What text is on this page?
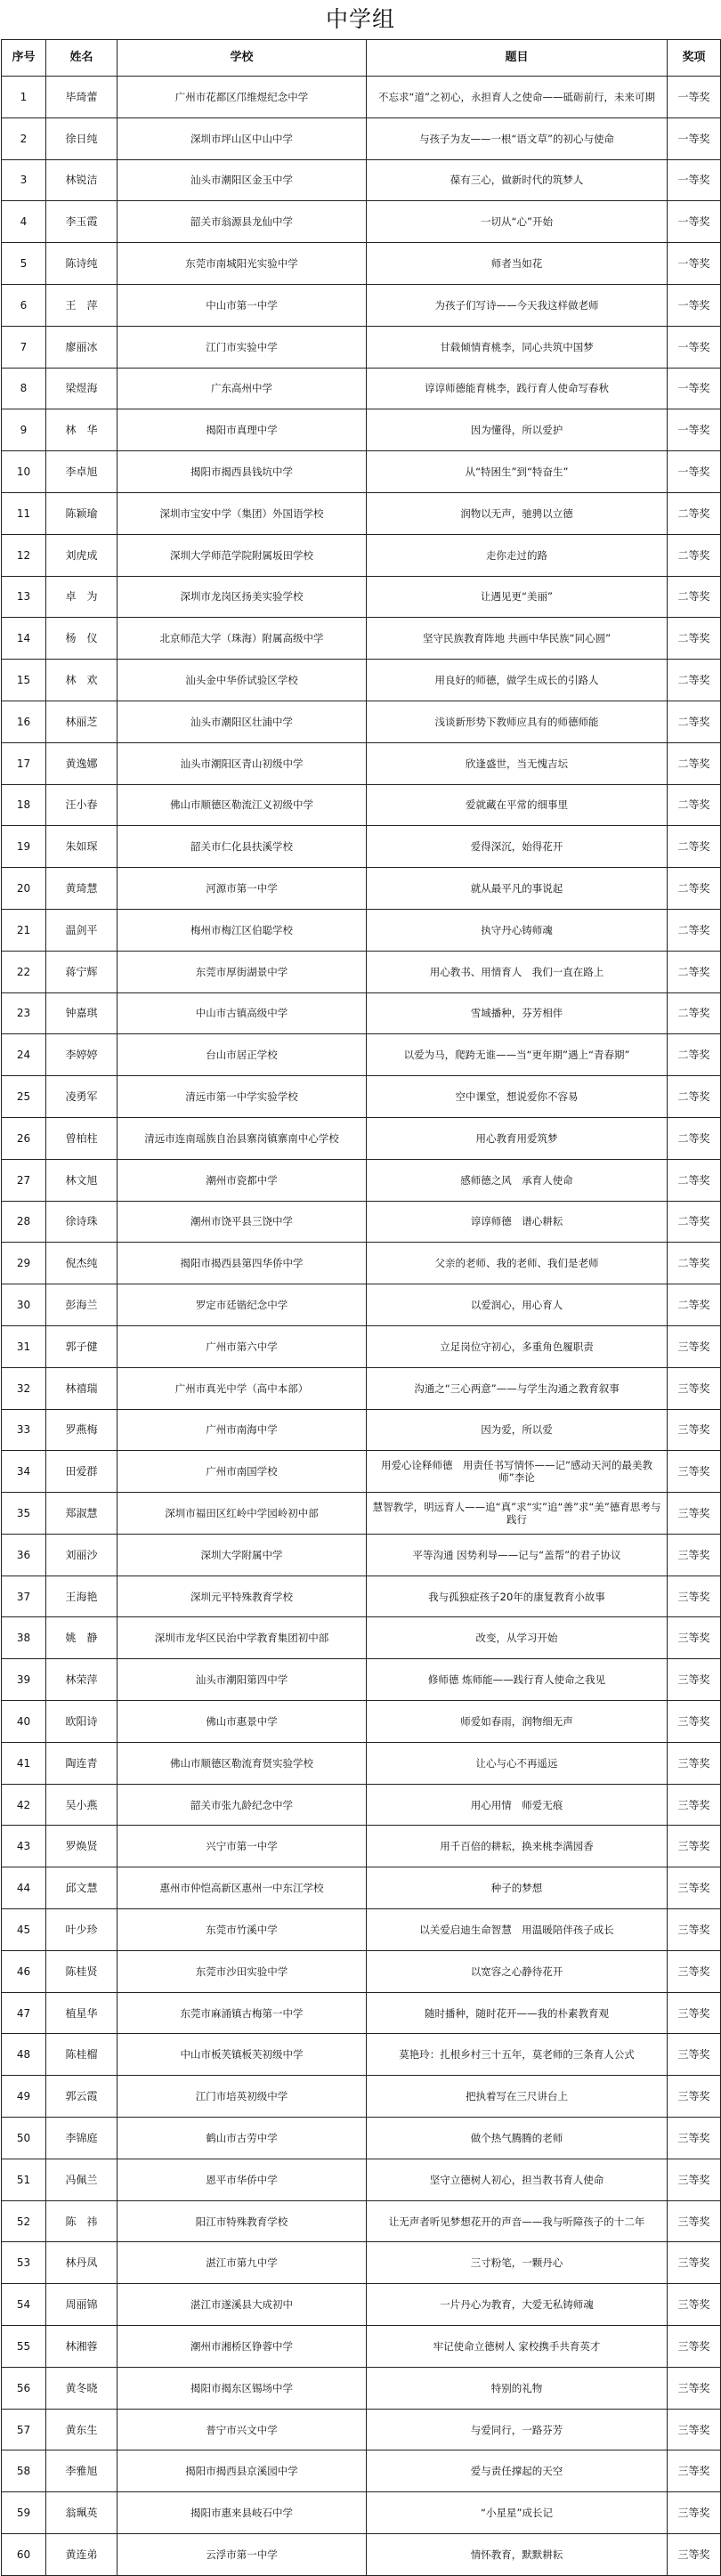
中学组
序号	姓名	学校	题目	奖项
1	毕琦蕾	广州市花都区邝维煜纪念中学	不忘求“道”之初心，永担育人之使命——砥砺前行，未来可期	一等奖
2	徐日纯	深圳市坪山区中山中学	与孩子为友——一根“语文草”的初心与使命	一等奖
3	林锐洁	汕头市潮阳区金玉中学	葆有三心，做新时代的筑梦人	一等奖
4	李玉霞	韶关市翁源县龙仙中学	一切从“心”开始	一等奖
5	陈诗纯	东莞市南城阳光实验中学	师者当如花	一等奖
6	王　萍	中山市第一中学	为孩子们写诗——今天我这样做老师	一等奖
7	廖丽冰	江门市实验中学	甘载倾情育桃李，同心共筑中国梦	一等奖
8	梁煜海	广东高州中学	谆谆师德能育桃李，践行育人使命写春秋	一等奖
9	林　华	揭阳市真理中学	因为懂得，所以爱护	一等奖
10	李卓旭	揭阳市揭西县钱坑中学	从“特困生”到“特奋生”	一等奖
11	陈颖瑜	深圳市宝安中学（集团）外国语学校	润物以无声，驰骋以立德	二等奖
12	刘虎成	深圳大学师范学院附属坂田学校	走你走过的路	二等奖
13	卓　为	深圳市龙岗区扬美实验学校	让遇见更“美丽”	二等奖
14	杨　仪	北京师范大学（珠海）附属高级中学	坚守民族教育阵地 共画中华民族“同心圆”	二等奖
15	林　欢	汕头金中华侨试验区学校	用良好的师德，做学生成长的引路人	二等奖
16	林丽芝	汕头市潮阳区壮浦中学	浅谈新形势下教师应具有的师德师能	二等奖
17	黄逸娜	汕头市潮阳区青山初级中学	欣逢盛世，当无愧吉坛	二等奖
18	汪小春	佛山市顺德区勒流江义初级中学	爱就藏在平常的细事里	二等奖
19	朱如琛	韶关市仁化县扶溪学校	爱得深沉，始得花开	二等奖
20	黄琦慧	河源市第一中学	就从最平凡的事说起	二等奖
21	温剑平	梅州市梅江区伯聪学校	执守丹心铸师魂	二等奖
22	蒋宁辉	东莞市厚街湖景中学	用心教书、用情育人　我们一直在路上	二等奖
23	钟嘉琪	中山市古镇高级中学	雪域播种，芬芳相伴	二等奖
24	李婷婷	台山市居正学校	以爱为马，爬跨无谁——当“更年期”遇上“青春期”	二等奖
25	凌勇军	清远市第一中学实验学校	空中课堂，想说爱你不容易	二等奖
26	曾柏柱	清远市连南瑶族自治县寨岗镇寨南中心学校	用心教育用爱筑梦	二等奖
27	林文旭	潮州市瓷都中学	感师德之风　承育人使命	二等奖
28	徐诗珠	潮州市饶平县三饶中学	谆谆师德　谱心耕耘	二等奖
29	倪杰纯	揭阳市揭西县第四华侨中学	父亲的老师、我的老师、我们是老师	二等奖
30	彭海兰	罗定市廷锴纪念中学	以爱润心，用心育人	二等奖
31	郭子健	广州市第六中学	立足岗位守初心，多重角色履职责	三等奖
32	林禧瑞	广州市真光中学（高中本部）	沟通之“三心两意”——与学生沟通之教育叙事	三等奖
33	罗燕梅	广州市南海中学	因为爱，所以爱	三等奖
34	田爱群	广州市南国学校	用爱心诠释师德　用责任书写情怀——记“感动天河的最美教师”李论	三等奖
35	郑淑慧	深圳市福田区红岭中学园岭初中部	慧智教学，明远育人——追“真”求“实”追“善”求“美”德育思考与践行	三等奖
36	刘丽沙	深圳大学附属中学	平等沟通 因势利导——记与“盖帮”的君子协议	三等奖
37	王海艳	深圳元平特殊教育学校	我与孤独症孩子20年的康复教育小故事	三等奖
38	姚　静	深圳市龙华区民治中学教育集团初中部	改变，从学习开始	三等奖
39	林荣萍	汕头市潮阳第四中学	修师德 炼师能——践行育人使命之我见	三等奖
40	欧阳诗	佛山市惠景中学	师爱如春雨，润物细无声	三等奖
41	陶连青	佛山市顺德区勒流育贤实验学校	让心与心不再遥远	三等奖
42	吴小燕	韶关市张九龄纪念中学	用心用情　师爱无痕	三等奖
43	罗焕贤	兴宁市第一中学	用千百倍的耕耘，换来桃李满园香	三等奖
44	邱文慧	惠州市仲恺高新区惠州一中东江学校	种子的梦想	三等奖
45	叶少珍	东莞市竹溪中学	以关爱启迪生命智慧　用温暖陪伴孩子成长	三等奖
46	陈桂贤	东莞市沙田实验中学	以宽容之心静待花开	三等奖
47	植星华	东莞市麻涌镇古梅第一中学	随时播种，随时花开——我的朴素教育观	三等奖
48	陈桂榴	中山市板芙镇板芙初级中学	莫艳玲：扎根乡村三十五年，莫老师的三条育人公式	三等奖
49	郭云霞	江门市培英初级中学	把执着写在三尺讲台上	三等奖
50	李锦庭	鹤山市古劳中学	做个热气腾腾的老师	三等奖
51	冯佩兰	恩平市华侨中学	坚守立德树人初心，担当教书育人使命	三等奖
52	陈　祎	阳江市特殊教育学校	让无声者听见梦想花开的声音——我与听障孩子的十二年	三等奖
53	林丹凤	湛江市第九中学	三寸粉笔，一颗丹心	三等奖
54	周丽锦	湛江市遂溪县大成初中	一片丹心为教育，大爱无私铸师魂	三等奖
55	林湘蓉	潮州市湘桥区铮蓉中学	牢记使命立德树人 家校携手共育英才	三等奖
56	黄冬晓	揭阳市揭东区锡场中学	特别的礼物	三等奖
57	黄东生	普宁市兴文中学	与爱同行，一路芬芳	三等奖
58	李雅旭	揭阳市揭西县京溪园中学	爱与责任撑起的天空	三等奖
59	翁珮英	揭阳市惠来县岐石中学	“小星星”成长记	三等奖
60	黄连弟	云浮市第一中学	情怀教育，默默耕耘	三等奖
